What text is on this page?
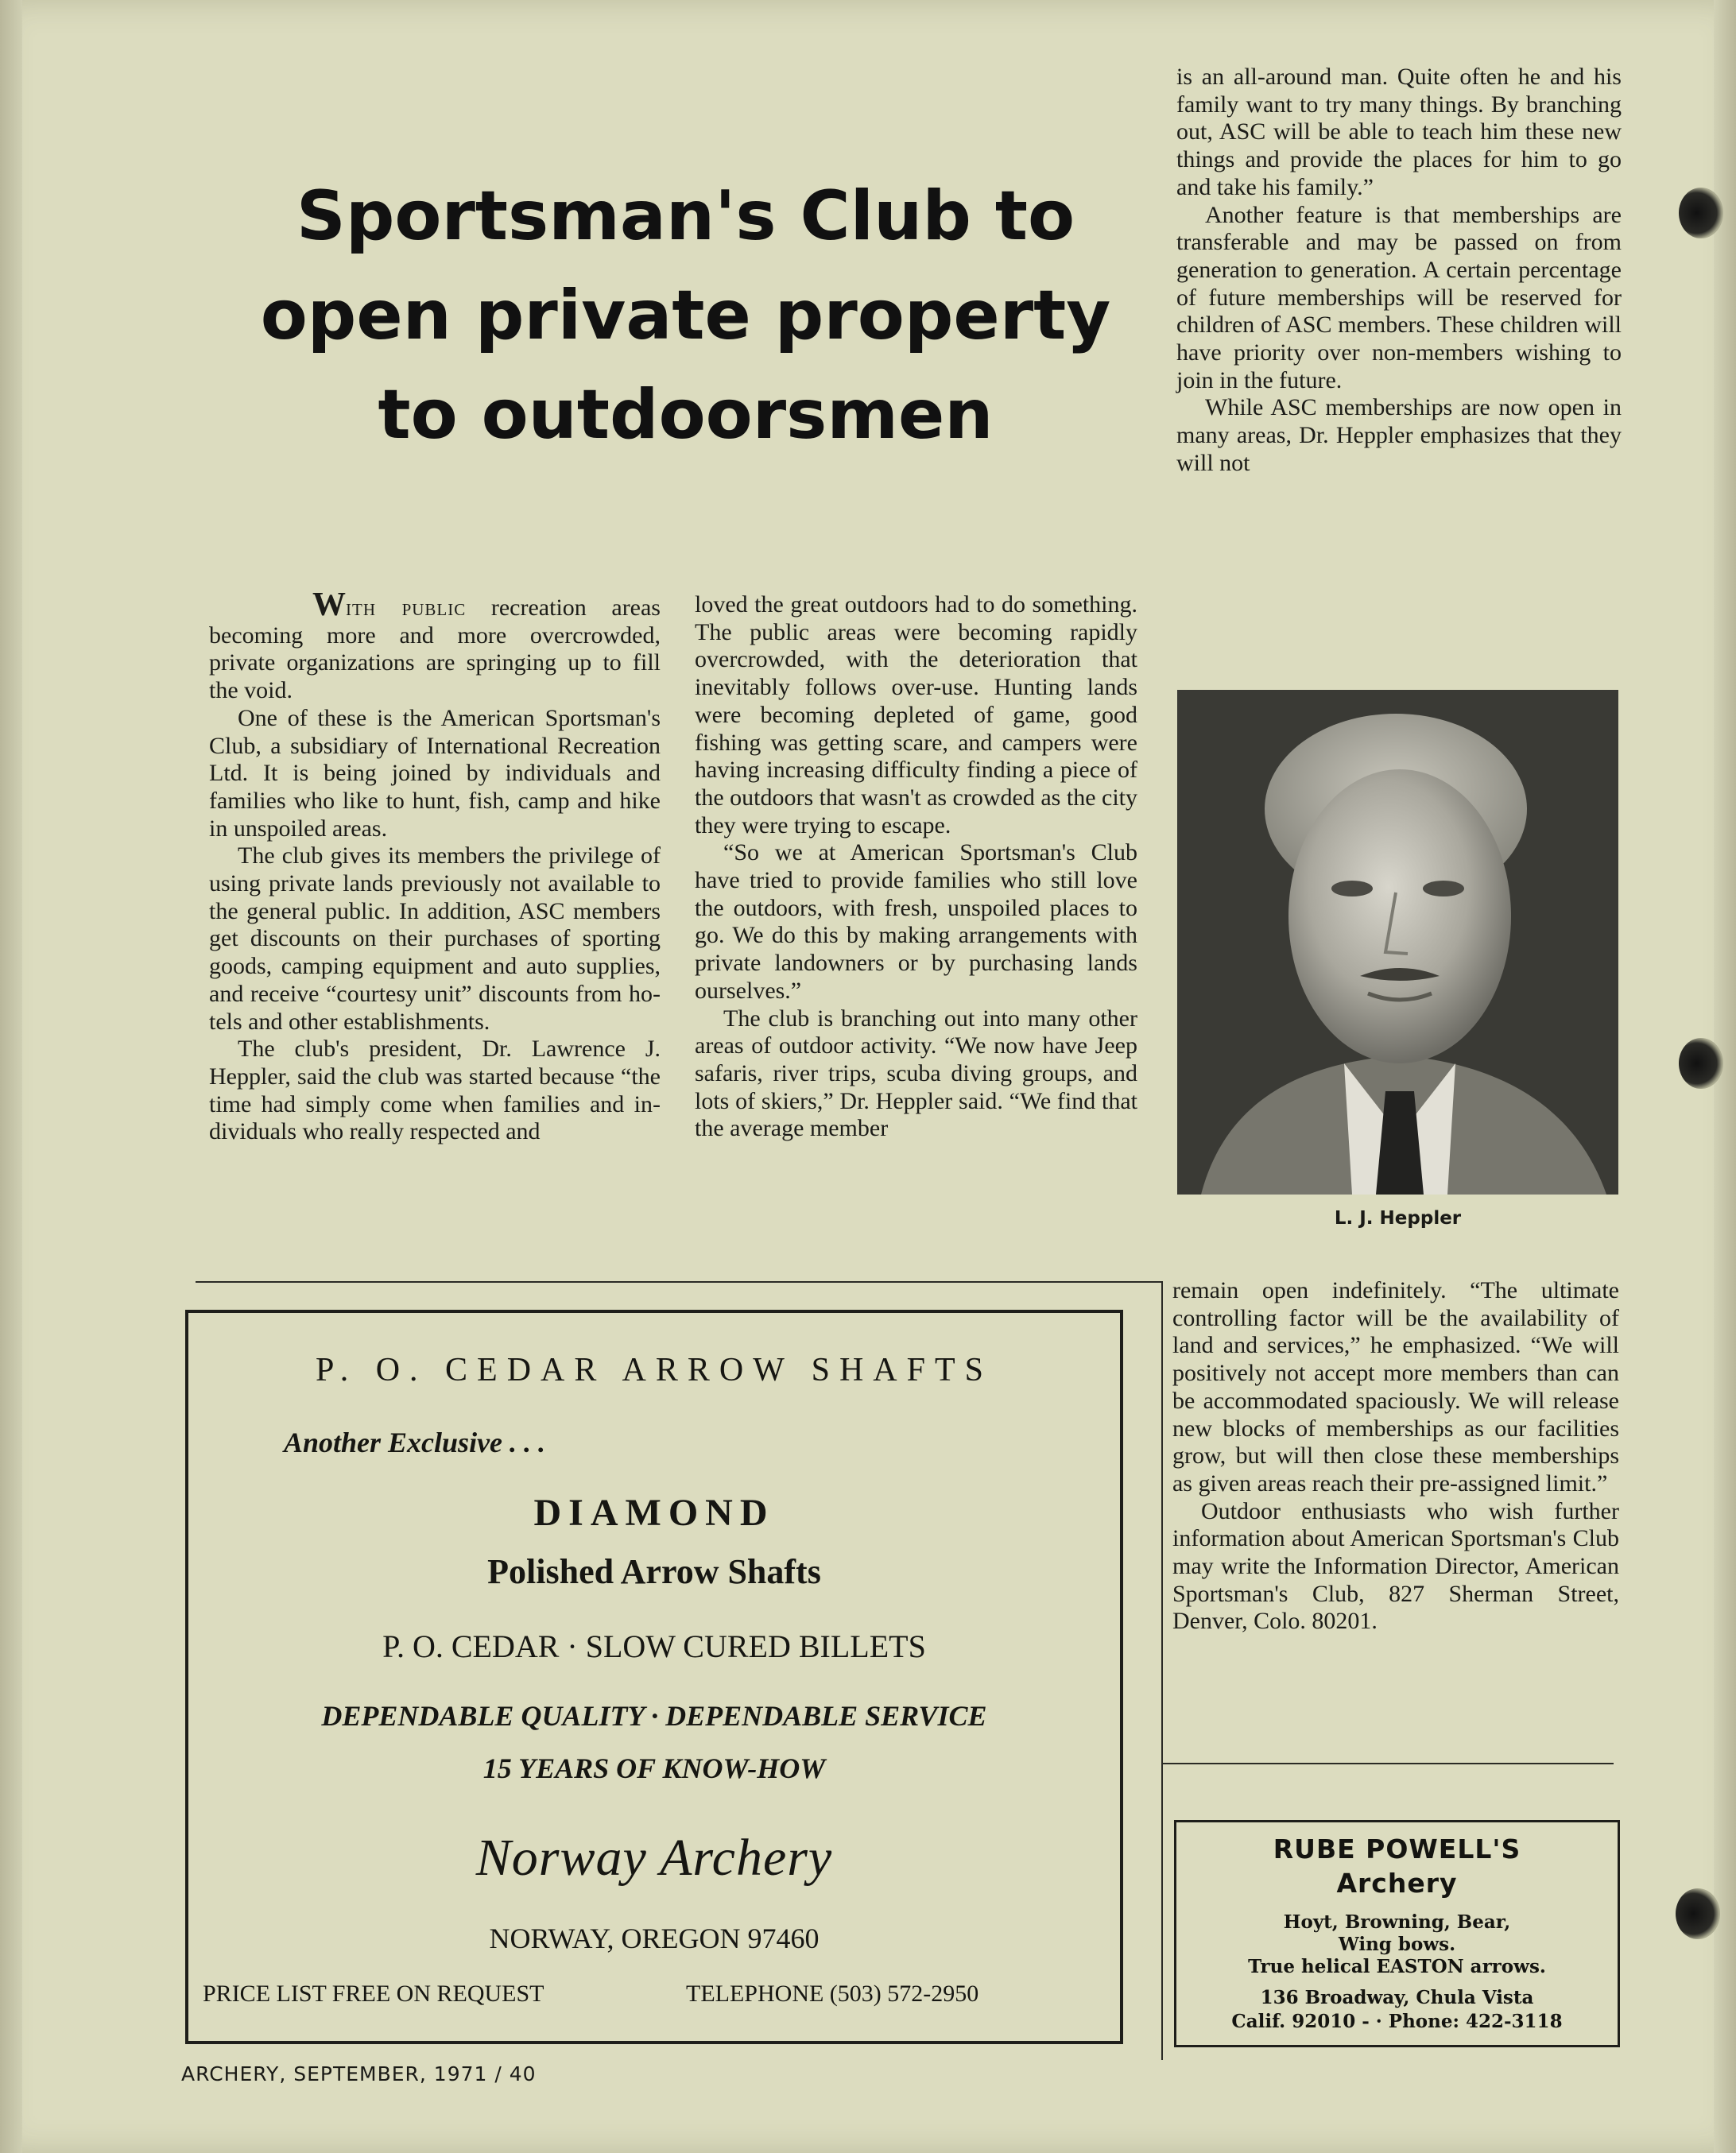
Sportsman's Club to
open private property
to outdoorsmen

With public recreation areas becoming more and more overcrowded, private organizations are springing up to fill the void.

One of these is the American Sportsman's Club, a subsidiary of International Recreation Ltd. It is being joined by individuals and families who like to hunt, fish, camp and hike in unspoiled areas.

The club gives its members the privilege of using private lands previously not available to the general public. In addition, ASC members get discounts on their purchases of sporting goods, camping equipment and auto supplies, and receive “courtesy unit” discounts from hotels and other establishments.

The club's president, Dr. Lawrence J. Heppler, said the club was started because “the time had simply come when families and individuals who really respected and

loved the great outdoors had to do something. The public areas were becoming rapidly overcrowded, with the deterioration that inevitably follows over-use. Hunting lands were becoming depleted of game, good fishing was getting scare, and campers were having increasing difficulty finding a piece of the outdoors that wasn't as crowded as the city they were trying to escape.

“So we at American Sportsman's Club have tried to provide families who still love the outdoors, with fresh, unspoiled places to go. We do this by making arrangements with private landowners or by purchasing lands ourselves.”

The club is branching out into many other areas of outdoor activity. “We now have Jeep safaris, river trips, scuba diving groups, and lots of skiers,” Dr. Heppler said. “We find that the average member

is an all-around man. Quite often he and his family want to try many things. By branching out, ASC will be able to teach him these new things and provide the places for him to go and take his family.”

Another feature is that memberships are transferable and may be passed on from generation to generation. A certain percentage of future memberships will be reserved for children of ASC members. These children will have priority over non-members wishing to join in the future.

While ASC memberships are now open in many areas, Dr. Heppler emphasizes that they will not

L. J. Heppler

remain open indefinitely. “The ultimate controlling factor will be the availability of land and services,” he emphasized. “We will positively not accept more members than can be accommodated spaciously. We will release new blocks of memberships as our facilities grow, but will then close these memberships as given areas reach their pre-assigned limit.”

Outdoor enthusiasts who wish further information about American Sportsman's Club may write the Information Director, American Sportsman's Club, 827 Sherman Street, Denver, Colo. 80201.

P. O. CEDAR ARROW SHAFTS
Another Exclusive . . .
DIAMOND
Polished Arrow Shafts
P. O. CEDAR · SLOW CURED BILLETS
DEPENDABLE QUALITY · DEPENDABLE SERVICE
15 YEARS OF KNOW-HOW
Norway Archery
NORWAY, OREGON 97460
PRICE LIST FREE ON REQUEST	TELEPHONE (503) 572-2950
RUBE POWELL'S
Archery
Hoyt, Browning, Bear,
Wing bows.
True helical EASTON arrows.
136 Broadway, Chula Vista
Calif. 92010 - · Phone: 422-3118
ARCHERY, SEPTEMBER, 1971 / 40
